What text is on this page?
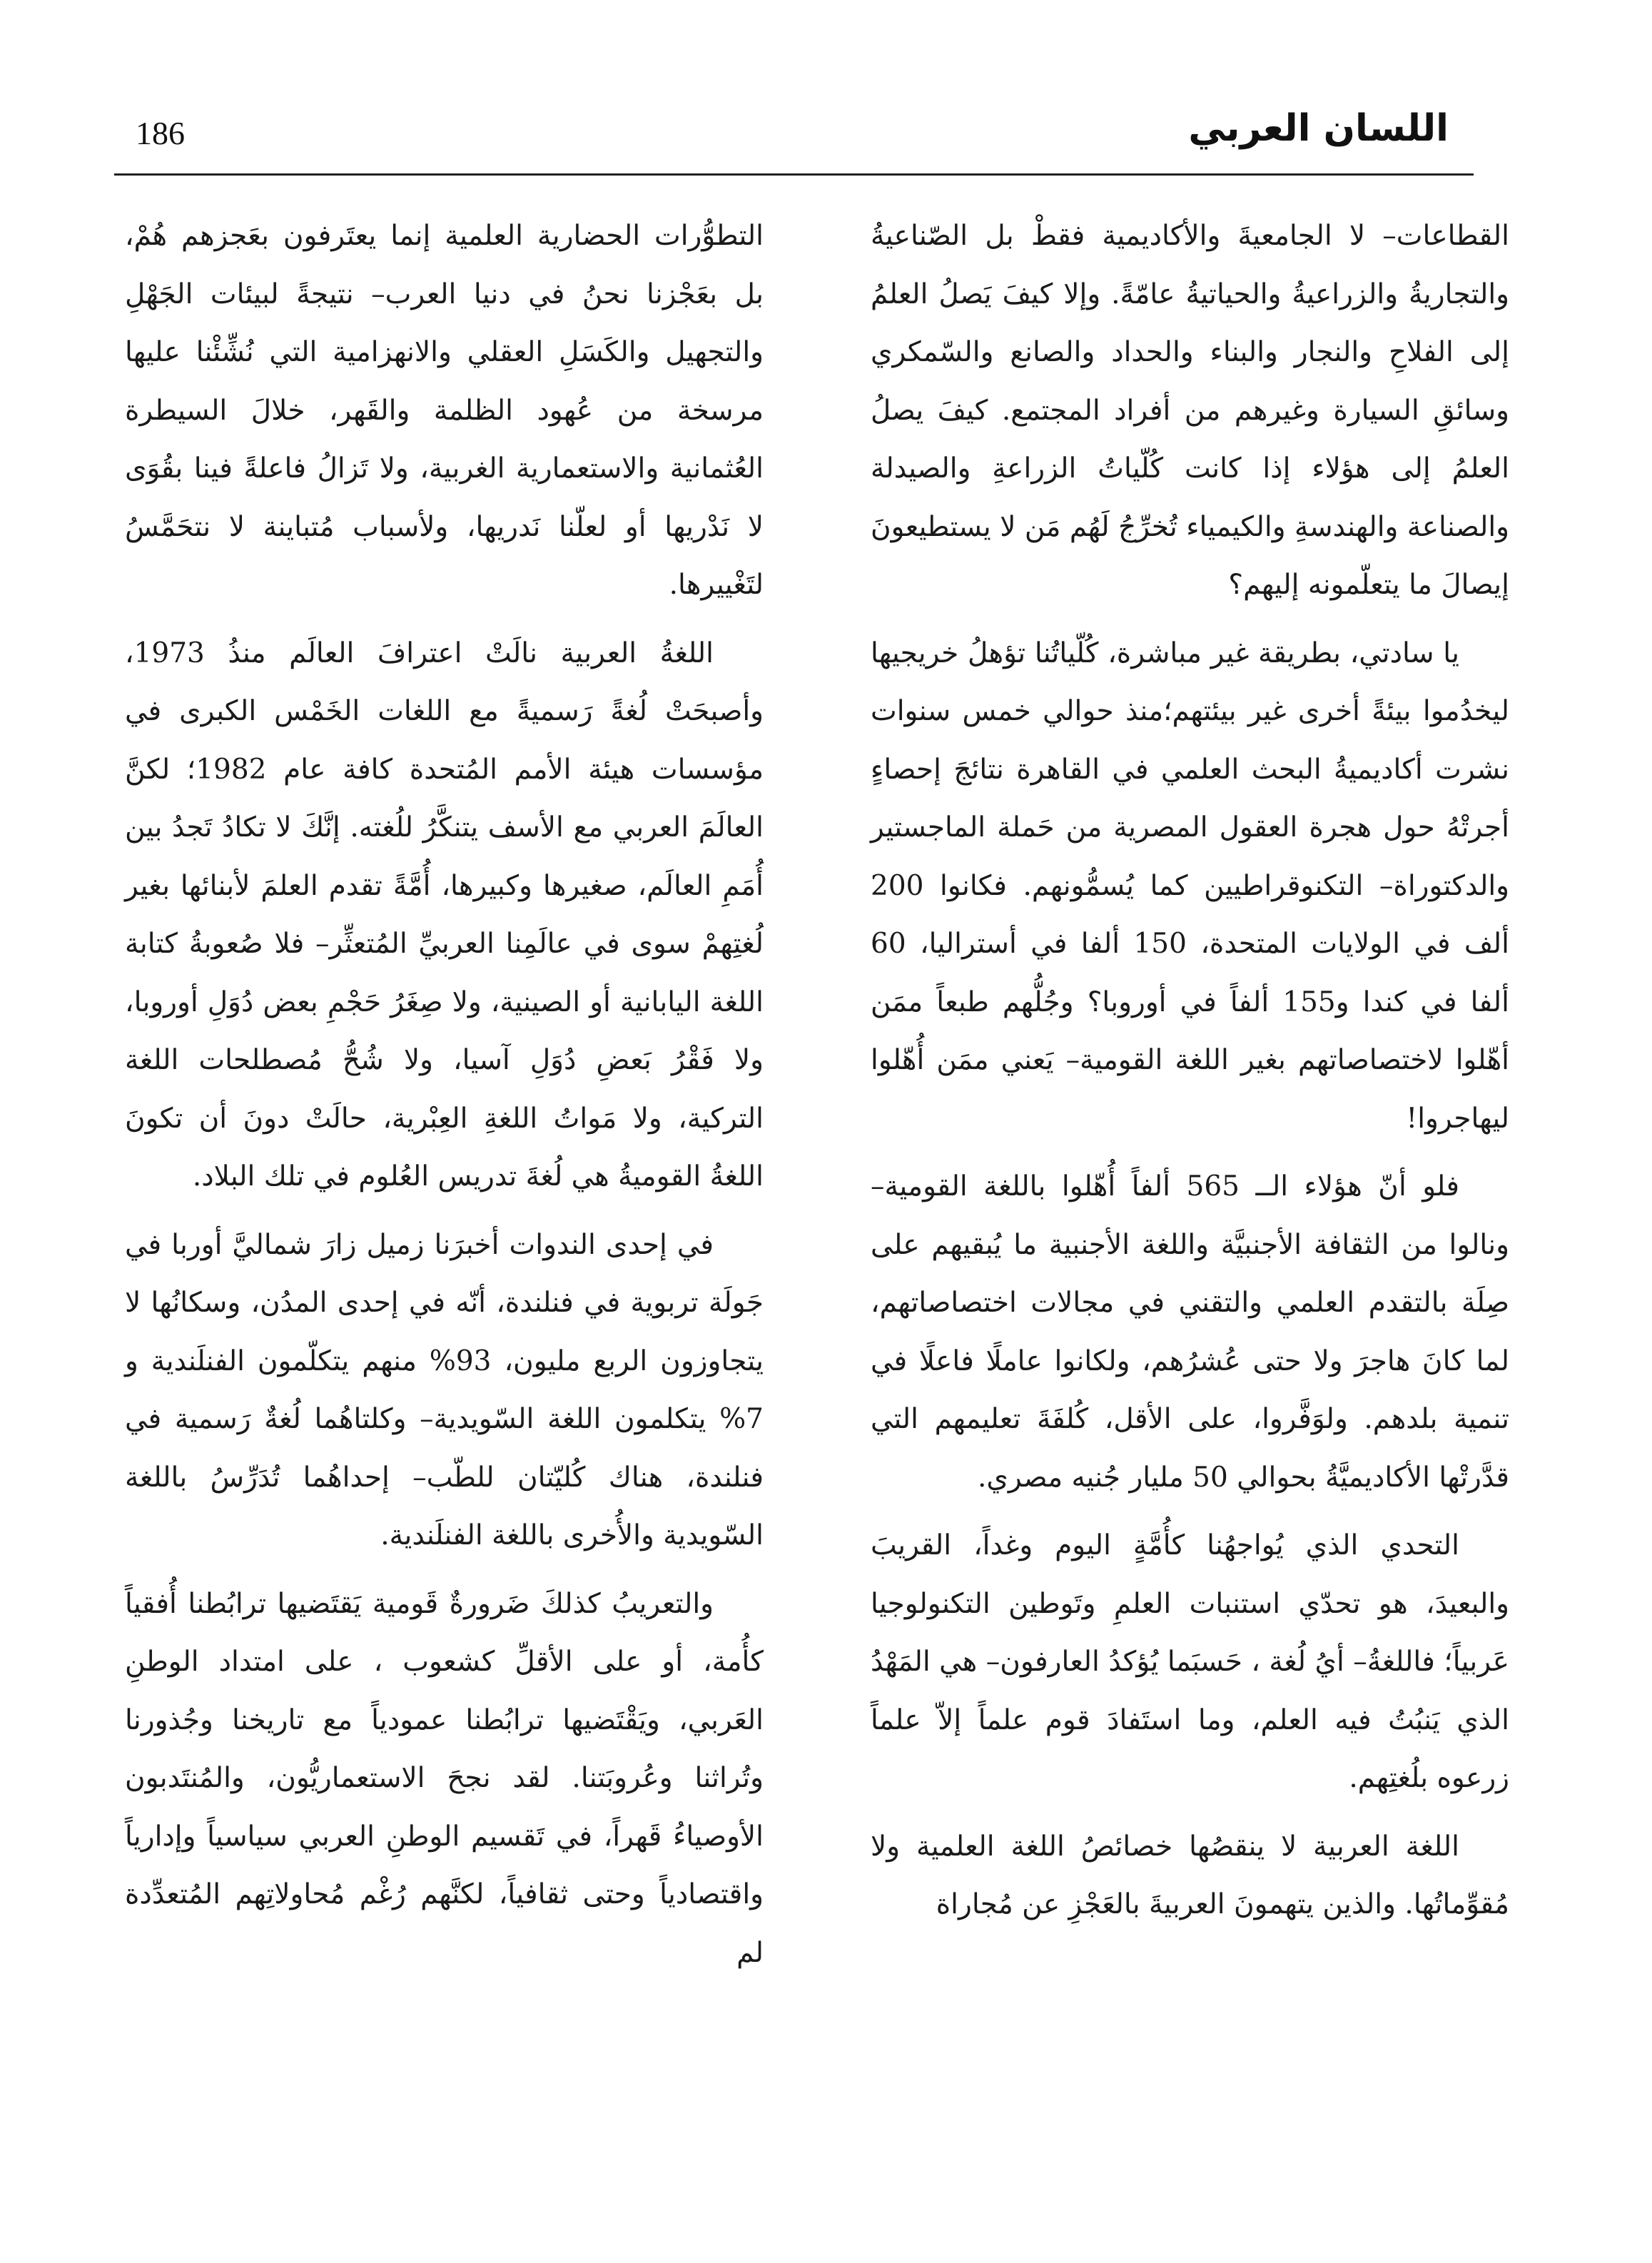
اللسان العربي
186

القطاعات– لا الجامعيةَ والأكاديمية فقطْ بل الصّناعيةُ والتجاريةُ والزراعيةُ والحياتيةُ عامّةً. وإلا كيفَ يَصلُ العلمُ إلى الفلاحِ والنجار والبناء والحداد والصانع والسّمكري وسائقِ السيارة وغيرهم من أفراد المجتمع. كيفَ يصلُ العلمُ إلى هؤلاء إذا كانت كُلّياتُ الزراعةِ والصيدلة والصناعة والهندسةِ والكيمياء تُخرِّجُ لَهُم مَن لا يستطيعونَ إيصالَ ما يتعلّمونه إليهم؟

يا سادتي، بطريقة غير مباشرة، كُلّياتُنا تؤهلُ خريجيها ليخدُموا بيئةً أخرى غير بيئتهم؛منذ حوالي خمس سنوات نشرت أكاديميةُ البحث العلمي في القاهرة نتائجَ إحصاءٍ أجرتْهُ حول هجرة العقول المصرية من حَملة الماجستير والدكتوراة– التكنوقراطيين كما يُسمُّونهم. فكانوا 200 ألف في الولايات المتحدة، 150 ألفا في أستراليا، 60 ألفا في كندا و155 ألفاً في أوروبا؟ وجُلُّهم طبعاً ممَن أهّلوا لاختصاصاتهم بغير اللغة القومية– يَعني ممَن أُهّلوا ليهاجروا!

فلو أنّ هؤلاء الــ 565 ألفاً أُهّلوا باللغة القومية– ونالوا من الثقافة الأجنبيَّة واللغة الأجنبية ما يُبقيهم على صِلَة بالتقدم العلمي والتقني في مجالات اختصاصاتهم، لما كانَ هاجرَ ولا حتى عُشرُهم، ولكانوا عاملًا فاعلًا في تنمية بلدهم. ولوَفَّروا، على الأقل، كُلفَةَ تعليمهم التي قدَّرتْها الأكاديميَّةُ بحوالي 50 مليار جُنيه مصري.

التحدي الذي يُواجهُنا كأُمَّةٍ اليوم وغداً، القريبَ والبعيدَ، هو تحدّي استنبات العلمِ وتَوطين التكنولوجيا عَربياً؛ فاللغةُ– أيُ لُغة ، حَسبَما يُؤكدُ العارفون– هي المَهْدُ الذي يَنبُتُ فيه العلم، وما استَفادَ قوم علماً إلاّ علماً زرعوه بلُغتِهم.

اللغة العربية لا ينقصُها خصائصُ اللغة العلمية ولا مُقوِّماتُها. والذين يتهمونَ العربيةَ بالعَجْزِ عن مُجاراة

التطوُّرات الحضارية العلمية إنما يعتَرفون بعَجزهم هُمْ، بل بعَجْزنا نحنُ في دنيا العرب– نتيجةً لبيئات الجَهْلِ والتجهيل والكَسَلِ العقلي والانهزامية التي نُشِّئْنا عليها مرسخة من عُهود الظلمة والقَهر، خلالَ السيطرة العُثمانية والاستعمارية الغربية، ولا تَزالُ فاعلةً فينا بقُوَى لا نَدْريها أو لعلّنا نَدريها، ولأسباب مُتباينة لا نتحَمَّسُ لتَغْييرها.

اللغةُ العربية نالَتْ اعترافَ العالَم منذُ 1973، وأصبحَتْ لُغةً رَسميةً مع اللغات الخَمْس الكبرى في مؤسسات هيئة الأمم المُتحدة كافة عام 1982؛ لكنَّ العالَمَ العربي مع الأسف يتنكَّرُ للُغته. إنَّكَ لا تكادُ تَجدُ بين أُمَمِ العالَم، صغيرها وكبيرها، أُمَّةً تقدم العلمَ لأبنائها بغير لُغتِهمْ سوى في عالَمِنا العربيِّ المُتعثِّر– فلا صُعوبةُ كتابة اللغة اليابانية أو الصينية، ولا صِغَرُ حَجْمِ بعض دُوَلِ أوروبا، ولا فَقْرُ بَعضِ دُوَلِ آسيا، ولا شُحُّ مُصطلحات اللغة التركية، ولا مَواتُ اللغةِ العِبْرية، حالَتْ دونَ أن تكونَ اللغةُ القوميةُ هي لُغةَ تدريس العُلوم في تلك البلاد.

في إحدى الندوات أخبرَنا زميل زارَ شماليَّ أوربا في جَولَة تربوية في فنلندة، أنّه في إحدى المدُن، وسكانُها لا يتجاوزون الربع مليون، 93% منهم يتكلّمون الفنلَندية و 7% يتكلمون اللغة السّويدية– وكلتاهُما لُغةٌ رَسمية في فنلندة، هناك كُليّتان للطّب– إحداهُما تُدَرِّسُ باللغة السّويدية والأُخرى باللغة الفنلَندية.

والتعريبُ كذلكَ ضَرورةٌ قَومية يَقتَضيها ترابُطنا أُفقياً كأُمة، أو على الأقلِّ كشعوب ، على امتداد الوطنِ العَربي، ويَقْتَضيها ترابُطنا عمودياً مع تاريخنا وجُذورنا وتُراثنا وعُروبَتنا. لقد نجحَ الاستعماريُّون، والمُنتَدبون الأوصياءُ قَهراً، في تَقسيم الوطنِ العربي سياسياً وإدارياً واقتصادياً وحتى ثقافياً، لكنَّهم رُغْم مُحاولاتِهم المُتعدِّدة لم
